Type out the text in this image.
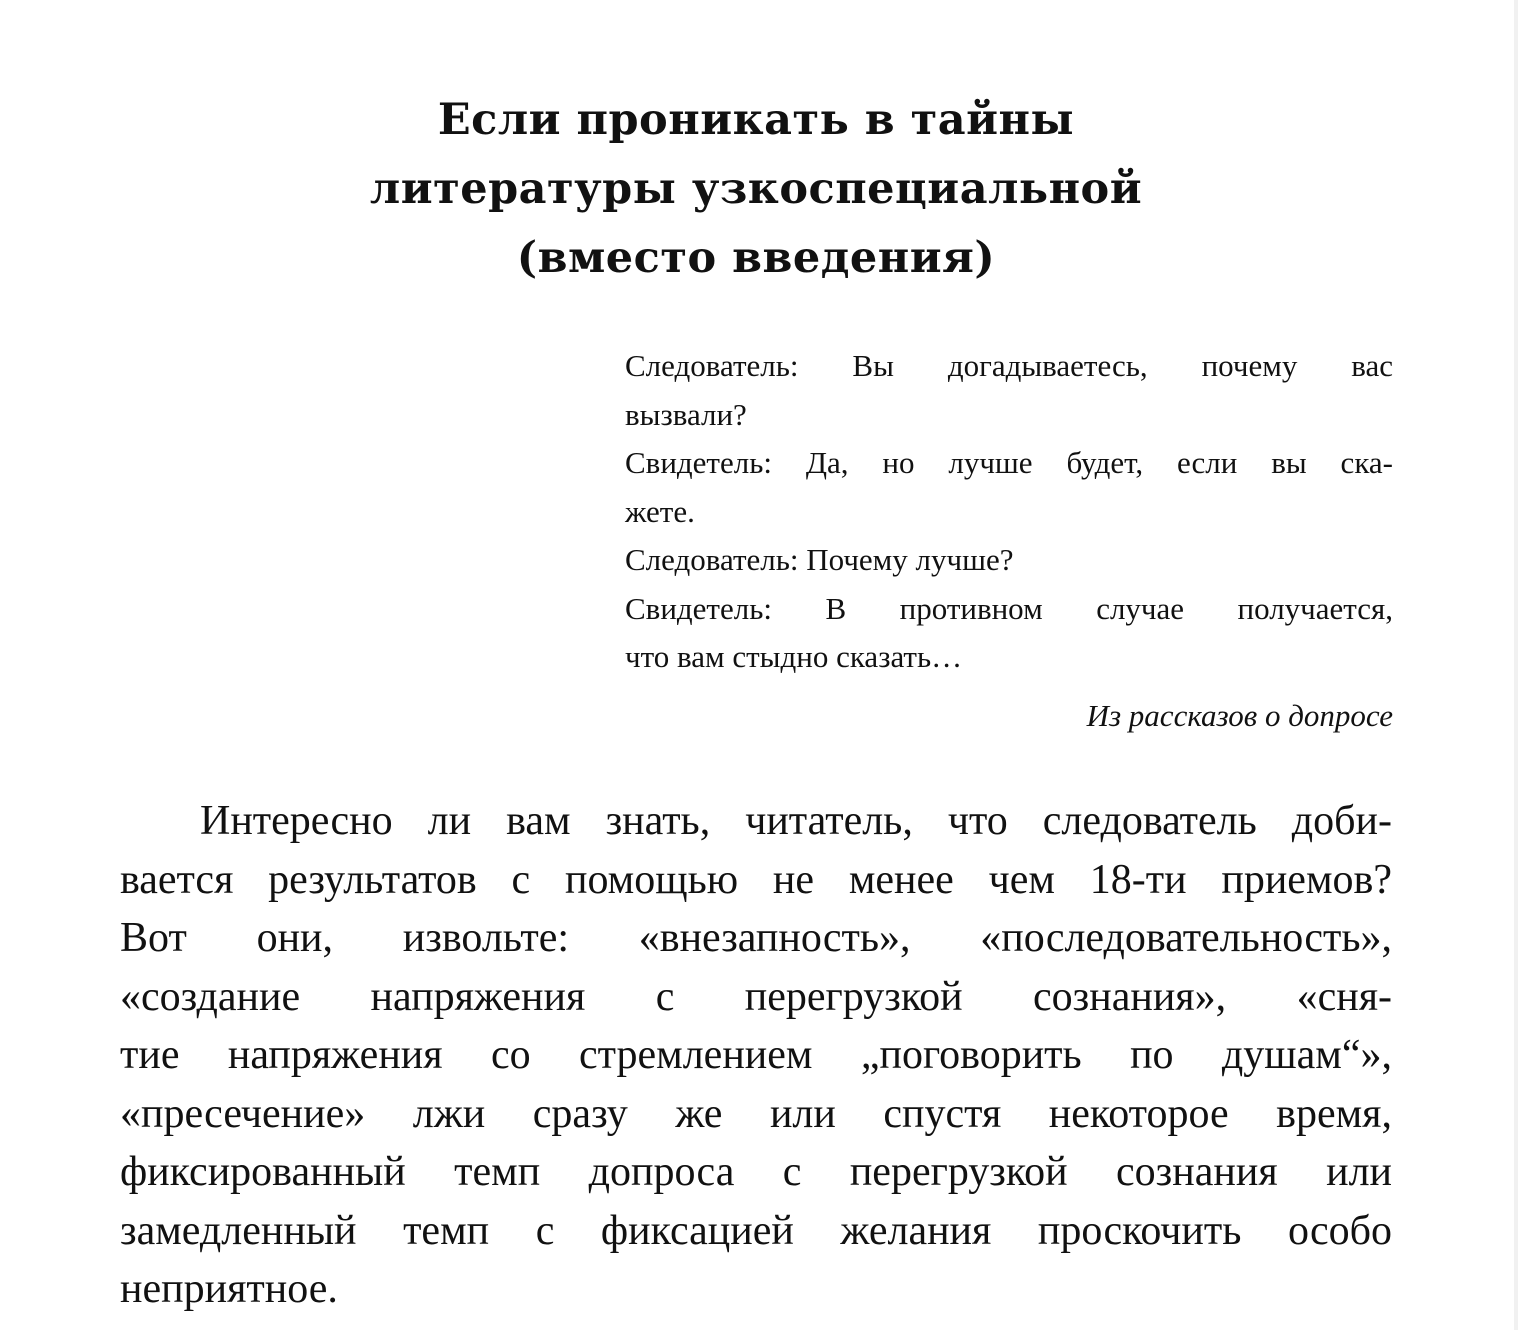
Если проникать в тайны
литературы узкоспециальной
(вместо введения)

Следователь: Вы догадываетесь, почему вас

вызвали?

Свидетель: Да, но лучше будет, если вы ска-

жете.

Следователь: Почему лучше?

Свидетель: В противном случае получается,

что вам стыдно сказать…

Из рассказов о допросе
Интересно ли вам знать, читатель, что следователь доби-
вается результатов с помощью не менее чем 18-ти приемов?
Вот они, извольте: «внезапность», «последовательность»,
«создание напряжения с перегрузкой сознания», «сня-
тие напряжения со стремлением „поговорить по душам“»,
«пресечение» лжи сразу же или спустя некоторое время,
фиксированный темп допроса с перегрузкой сознания или
замедленный темп с фиксацией желания проскочить особо
неприятное.
